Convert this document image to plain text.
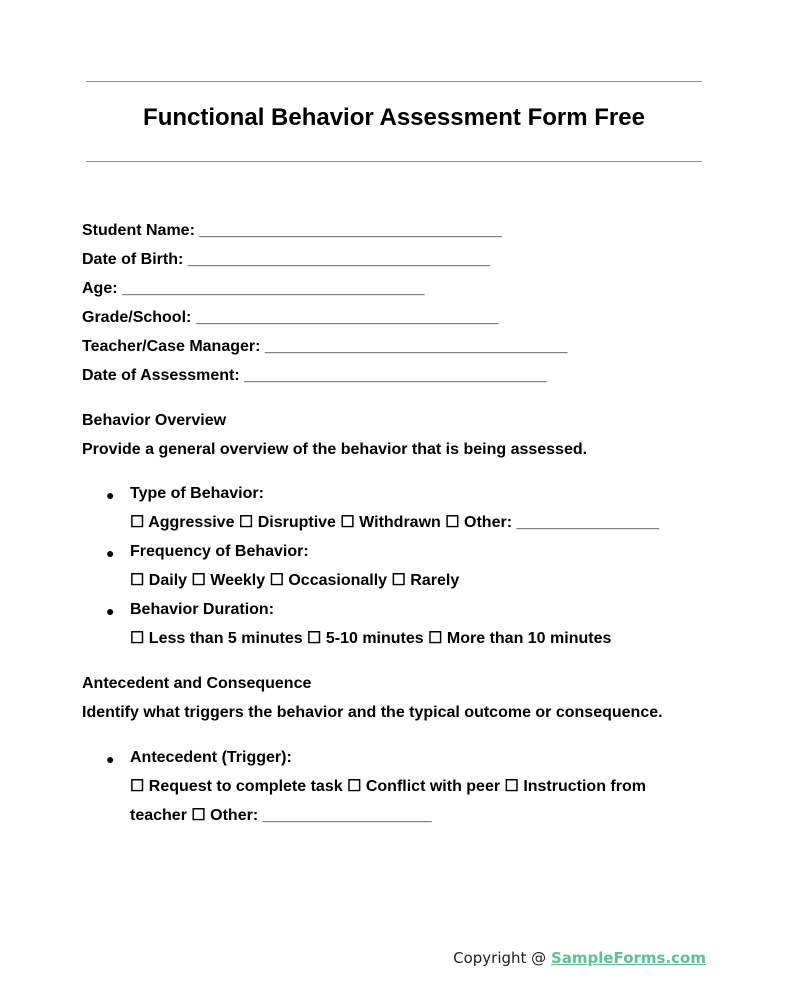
Functional Behavior Assessment Form Free
Student Name: __________________________________
Date of Birth: __________________________________
Age: __________________________________
Grade/School: __________________________________
Teacher/Case Manager: __________________________________
Date of Assessment: __________________________________
Behavior Overview
Provide a general overview of the behavior that is being assessed.
● Type of Behavior:
☐ Aggressive ☐ Disruptive ☐ Withdrawn ☐ Other: ________________
● Frequency of Behavior:
☐ Daily ☐ Weekly ☐ Occasionally ☐ Rarely
● Behavior Duration:
☐ Less than 5 minutes ☐ 5-10 minutes ☐ More than 10 minutes
Antecedent and Consequence
Identify what triggers the behavior and the typical outcome or consequence.
● Antecedent (Trigger):
☐ Request to complete task ☐ Conflict with peer ☐ Instruction from
teacher ☐ Other: ___________________
Copyright @ SampleForms.com
